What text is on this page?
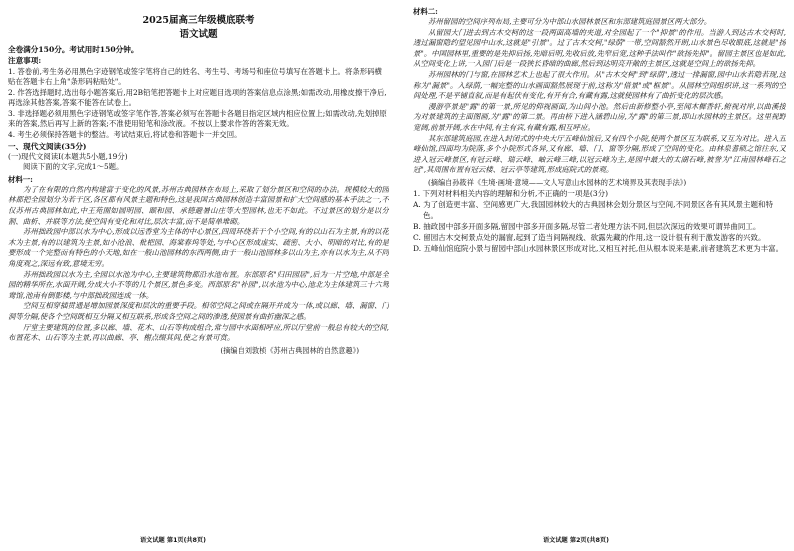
2025届高三年级模底联考

语文试题

全卷满分150分。考试用时150分钟。

注意事项:

1. 答卷前,考生务必用黑色字迹钢笔或签字笔将自己的姓名、考生号、考场号和座位号填写在答题卡上。将条形码横贴在答题卡右上角"条形码粘贴处"。

2. 作答选择题时,选出每小题答案后,用2B铅笔把答题卡上对应题目选项的答案信息点涂黑;如需改动,用橡皮擦干净后,再选涂其他答案,答案不能答在试卷上。

3. 非选择题必须用黑色字迹钢笔或签字笔作答,答案必须写在答题卡各题目指定区域内相应位置上;如需改动,先划掉原来的答案,然后再写上新的答案;不准使用铅笔和涂改液。不按以上要求作答的答案无效。

4. 考生必须保持答题卡的整洁。考试结束后,将试卷和答题卡一并交回。

一、现代文阅读(35分)

(一)现代文阅读Ⅰ(本题共5小题,19分)

阅读下面的文字,完成1～5题。

材料一:

为了在有限的自然内构建富于变化的风景,苏州古典园林在布局上,采取了划分景区和空间的办法。规模较大的园林都把全园划分为若干区,各区都有风景主题和特色,这是我国古典园林创造丰富园景和扩大空间感的基本手法之一,不仅苏州古典园林如此,中王苑囿如圆明园、颐和园、承德避暑山庄等大型园林,也无不如此。不过景区的划分是以分割、曲析、并联等方法,使空间有变化和对比,层次丰富,而不是简单堆砌。

苏州拙政园中部以水为中心,形成以远香堂为主体的中心景区,四周环绕若干个小空间,有的以山石为主景,有的以花木为主景,有的以建筑为主景,如小沧浪、枇杷园、海棠春坞等处,与中心区形成虚实、疏密、大小、明暗的对比,有的是要形成一个完整而有特色的小天地,如在一般山池园林的东西两侧,由于一般山池园林多以山为主,亦有以水为主,从不同角度观之,深远有致,意境无穷。

苏州拙政园以水为主,全园以水池为中心,主要建筑物都沿水池布置。东部原名"归田园居",后为一片空地,中部是全园的精华所在,水面开阔,分成大小不等的几个景区,景色多变。西部原名"补园",以水池为中心,池北为主体建筑三十六鸳鸯馆,池南有倒影楼,与中部拙政园连成一体。

空间互相穿插贯通是增加园景深度和层次的重要手段。相邻空间之间或在隔开并成为一体,或以廊、墙、漏窗、门洞等分隔,使各个空间既相互分隔又相互联系,形成各空间之间的渗透,使园景有曲折幽深之感。

厅堂主要建筑的位置,多以廊、墙、花木、山石等构成组合,常与园中水面相呼应,所以厅堂前一般总有较大的空间,布置花木、山石等为主景,再以曲廊、亭、榭点缀其间,使之有景可赏。

(摘编自刘敦桢《苏州古典园林的自然意趣》)

语文试题 第1页(共8页)

材料二:

苏州留园的空间序列布局,主要可分为中部山水园林景区和东部建筑庭园景区两大部分。

从留园大门进去到古木交柯的这一段两面高墙的夹道,对全园起了一个"抑景"的作用。当游人到达古木交柯时,透过漏窗隐约望见园中山水,这就是"引景"。过了古木交柯,"绿荫"一带,空间豁然开朗,山水景色尽收眼底,这就是"扬景"。中国园林里,重要的是先抑后扬,先暗后明,先收后放,先窄后宽,这种手法叫作"欲扬先抑"。留园主景区也是如此,从空间变化上讲,一入园门后是一段狭长昏暗的曲廊,然后到达明亮开敞的主景区,这就是空间上的欲扬先抑。

苏州园林的门与窗,在园林艺术上也起了很大作用。从"古木交柯"到"绿荫",透过一排漏窗,园中山水若隐若现,这称为"漏景"。入绿荫,一幅完整的山水画面豁然展现于前,这称为"借景"或"框景"。从园林空间组织讲,这一系列的空间处理,不是平铺直叙,而是有起伏有变化,有开有合,有藏有露,这就使园林有了曲折变化的层次感。

漫游亭景是"露"的第一景,所见的仰视画面,为山间小池。然后由新修整小亭,至闻木樨香轩,俯视对岸,以曲溪接为对景建筑的主面图画,为"露"的第二景。再由桥下进入涵碧山房,为"露"的第三景,即山水园林的主景区。这里视野宽阔,前景开阔,水在中间,有主有宾,有藏有露,相互呼应。

其东部建筑庭园,在进入封闭式的中央大厅五峰仙馆后,又有四个小院,使两个景区互为联系,又互为对比。进入五峰仙馆,四面均为院落,多个小院形式各异,又有廊、墙、门、窗等分隔,形成了空间的变化。由林泉耆硕之馆往东,又进入冠云峰景区,有冠云峰、瑞云峰、岫云峰三峰,以冠云峰为主,是园中最大的太湖石峰,被誉为"江南园林峰石之冠",其周围布置有冠云楼、冠云亭等建筑,形成庭院式的景观。

(摘编自孙筱祥《生境·画境·意境——文人写意山水园林的艺术境界及其表现手法》)

1. 下列对材料相关内容的理解和分析,不正确的一项是(3分)

A. 为了创造更丰富、空间感更广大,我国园林较大的古典园林会划分景区与空间,不同景区各有其风景主题和特色。

B. 抽政园中部多开面多隔,留园中部多开面多隔,尽管二者处理方法不同,但层次深远的效果可谓异曲同工。

C. 留园古木交柯景点处的漏窗,起到了造当间隔视线、欲露先藏的作用,这一设计很有利于激发游客的兴致。

D. 五峰仙馆庭院小景与留园中部山水园林景区形成对比,又相互衬托,但从根本说来是素,前者建筑艺术更为丰富。

语文试题 第2页(共8页)
